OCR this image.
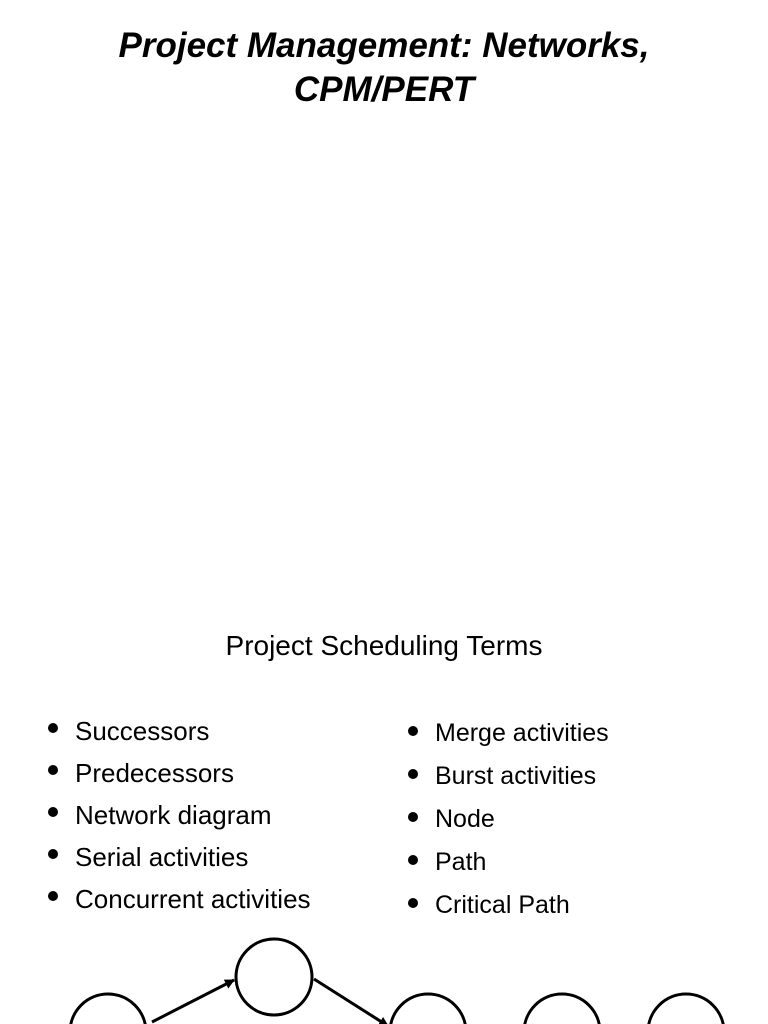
Project Management: Networks,
CPM/PERT
Project Scheduling Terms
Successors
Predecessors
Network diagram
Serial activities
Concurrent activities
Merge activities
Burst activities
Node
Path
Critical Path
